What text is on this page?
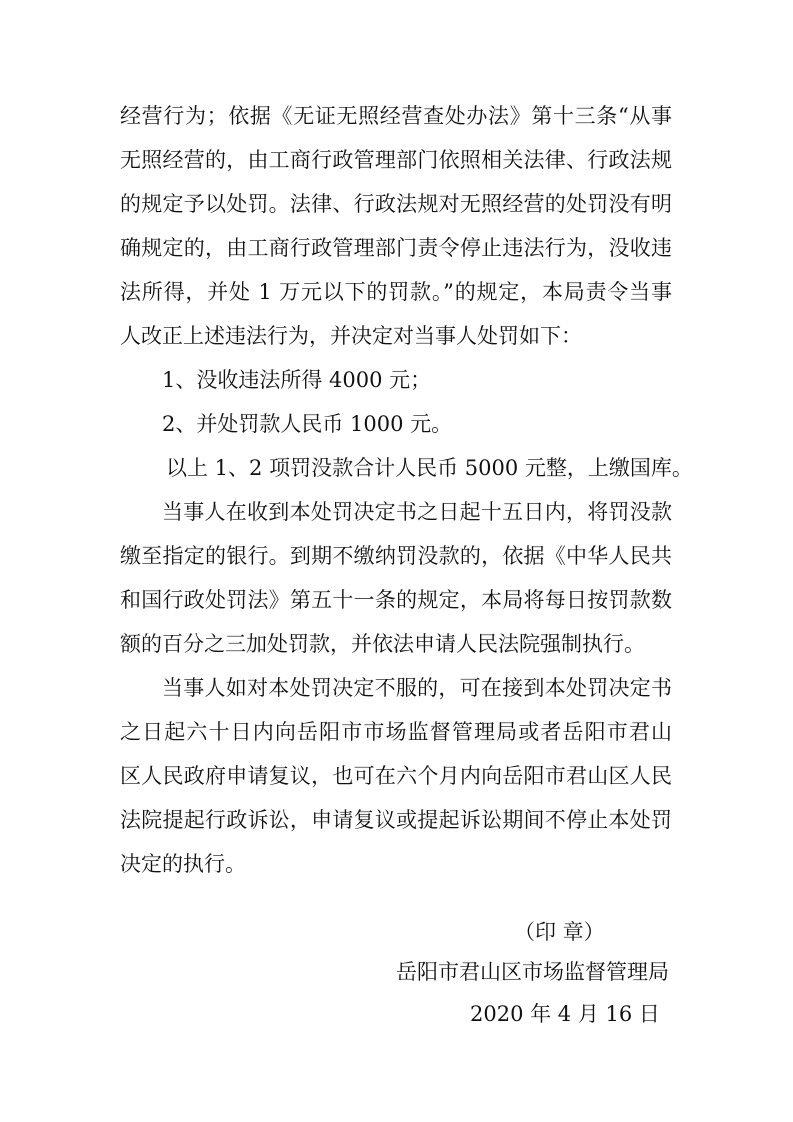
经营行为；依据《无证无照经营查处办法》第十三条“从事
无照经营的，由工商行政管理部门依照相关法律、行政法规
的规定予以处罚。法律、行政法规对无照经营的处罚没有明
确规定的，由工商行政管理部门责令停止违法行为，没收违
法所得，并处 1 万元以下的罚款。”的规定，本局责令当事
人改正上述违法行为，并决定对当事人处罚如下：
1、没收违法所得 4000 元；
2、并处罚款人民币 1000 元。
以上 1、2 项罚没款合计人民币 5000 元整，上缴国库。
当事人在收到本处罚决定书之日起十五日内，将罚没款
缴至指定的银行。到期不缴纳罚没款的，依据《中华人民共
和国行政处罚法》第五十一条的规定，本局将每日按罚款数
额的百分之三加处罚款，并依法申请人民法院强制执行。
当事人如对本处罚决定不服的，可在接到本处罚决定书
之日起六十日内向岳阳市市场监督管理局或者岳阳市君山
区人民政府申请复议，也可在六个月内向岳阳市君山区人民
法院提起行政诉讼，申请复议或提起诉讼期间不停止本处罚
决定的执行。
（印 章）
岳阳市君山区市场监督管理局
2020 年 4 月 16 日
